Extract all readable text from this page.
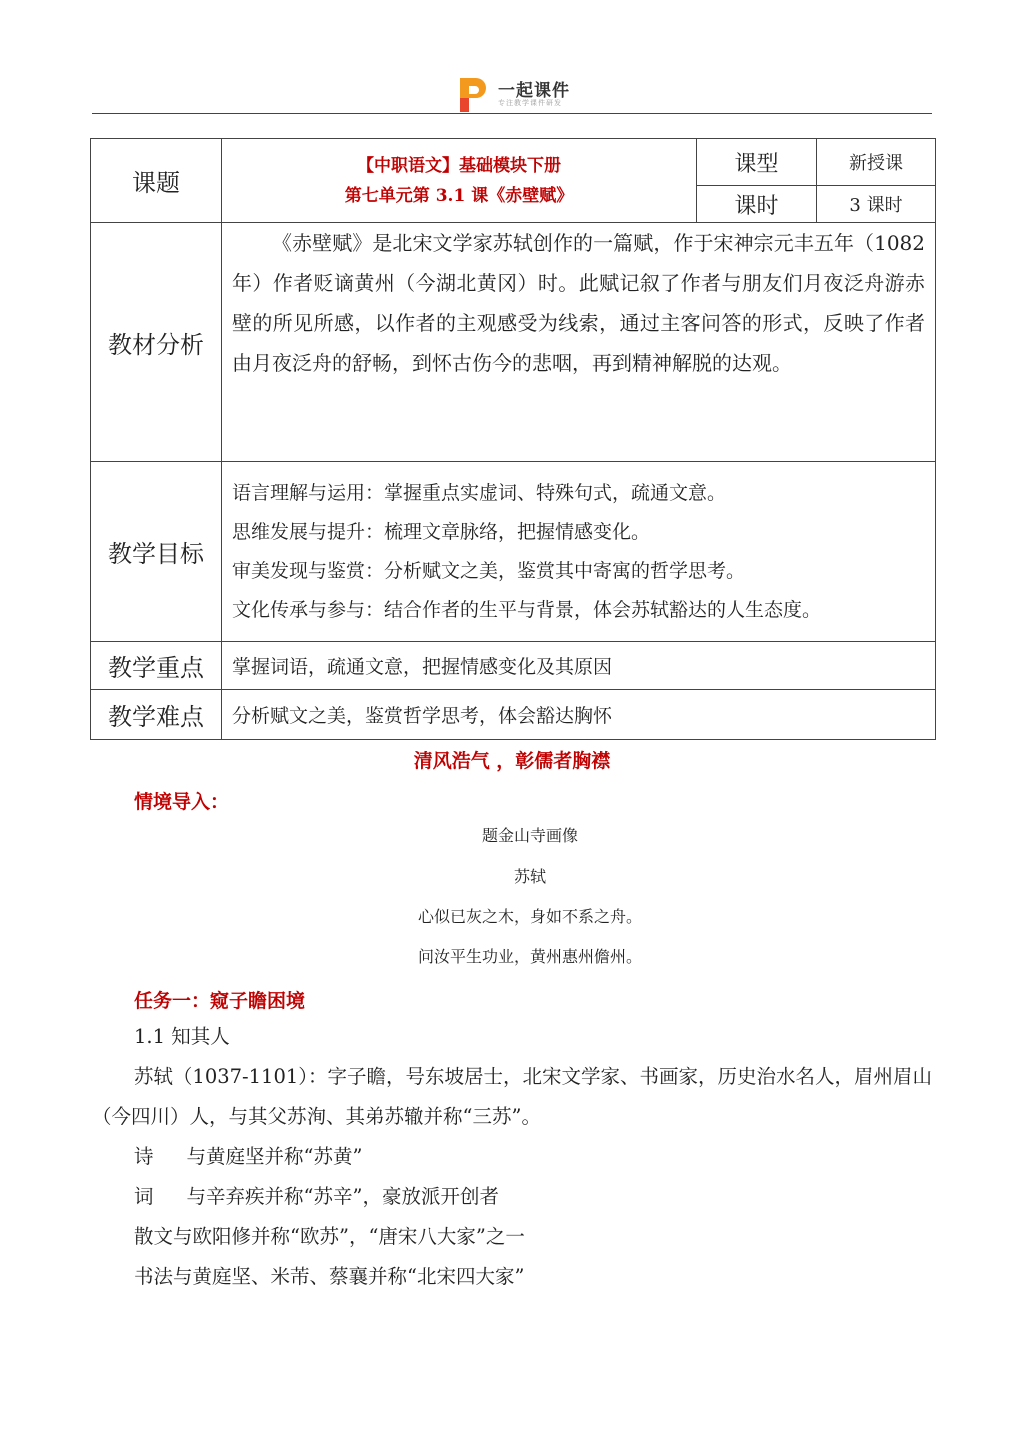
一起课件
专注教学课件研发
课题	【中职语文】基础模块下册
第七单元第 3.1 课《赤壁赋》	课型	新授课
		课时	3 课时
教材分析	《赤壁赋》是北宋文学家苏轼创作的一篇赋，作于宋神宗元丰五年（1082年）作者贬谪黄州（今湖北黄冈）时。此赋记叙了作者与朋友们月夜泛舟游赤壁的所见所感，以作者的主观感受为线索，通过主客问答的形式，反映了作者由月夜泛舟的舒畅，到怀古伤今的悲咽，再到精神解脱的达观。		
教学目标	语言理解与运用：掌握重点实虚词、特殊句式，疏通文意。
思维发展与提升：梳理文章脉络，把握情感变化。
审美发现与鉴赏：分析赋文之美，鉴赏其中寄寓的哲学思考。
文化传承与参与：结合作者的生平与背景，体会苏轼豁达的人生态度。		

教学重点	掌握词语，疏通文意，把握情感变化及其原因		
教学难点	分析赋文之美，鉴赏哲学思考，体会豁达胸怀		
清风浩气 ，彰儒者胸襟
情境导入：
题金山寺画像
苏轼
心似已灰之木，身如不系之舟。
问汝平生功业，黄州惠州儋州。
任务一：窥子瞻困境
1.1 知其人
苏轼（1037-1101）：字子瞻，号东坡居士，北宋文学家、书画家，历史治水名人，眉州眉山（今四川）人，与其父苏洵、其弟苏辙并称“三苏”。
诗 与黄庭坚并称“苏黄”
词 与辛弃疾并称“苏辛”，豪放派开创者
散文与欧阳修并称“欧苏”，“唐宋八大家”之一
书法与黄庭坚、米芾、蔡襄并称“北宋四大家”
